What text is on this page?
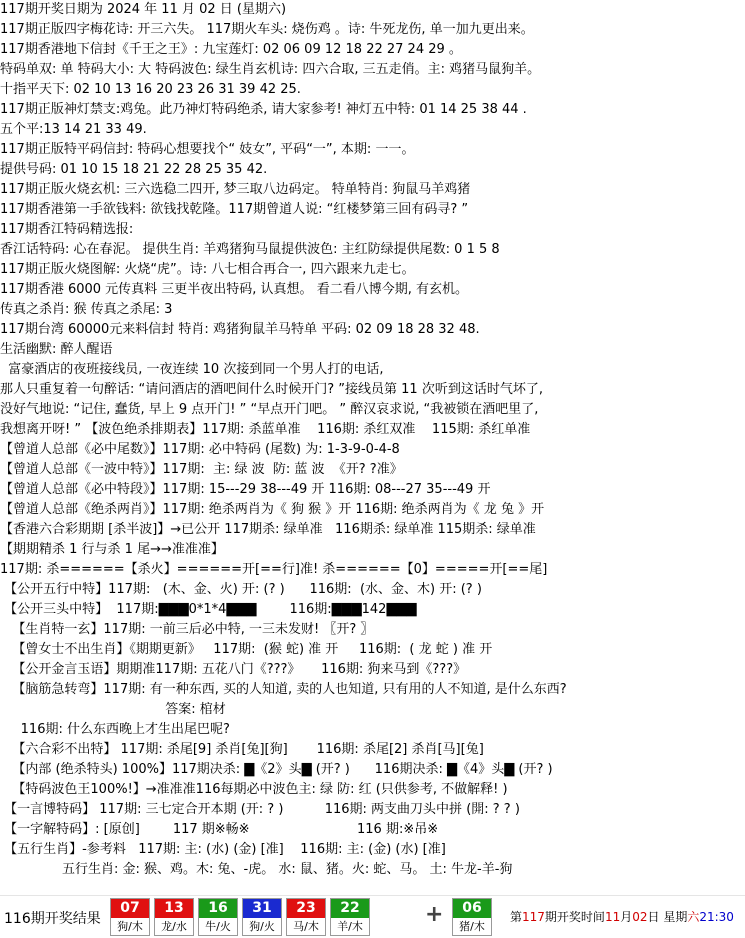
117期开奖日期为 2024 年 11 月 02 日 (星期六)
117期正版四字梅花诗: 开三六失。 117期火车头: 烧伤鸡 。诗: 牛死龙伤, 单一加九更出来。
117期香港地下信封《千王之王》: 九宝莲灯: 02 06 09 12 18 22 27 24 29 。
特码单双: 单 特码大小: 大 特码波色: 绿生肖玄机诗: 四六合取, 三五走俏。主: 鸡猪马鼠狗羊。
十指平天下: 02 10 13 16 20 23 26 31 39 42 25.
117期正版神灯禁支:鸡兔。此乃神灯特码绝杀, 请大家参考! 神灯五中特: 01 14 25 38 44 .
五个平:13 14 21 33 49.
117期正版特平码信封: 特码心想要找个“ 妓女”, 平码“一”, 本期: 一一。
提供号码: 01 10 15 18 21 22 28 25 35 42.
117期正版火烧玄机: 三六选稳二四开, 梦三取八边码定。 特单特肖: 狗鼠马羊鸡猪
117期香港第一手欲钱料: 欲钱找乾隆。117期曾道人说: “红楼梦第三回有码寻? ”
117期香江特码精选报:
香江话特码: 心在春泥。 提供生肖: 羊鸡猪狗马鼠提供波色: 主红防绿提供尾数: 0 1 5 8
117期正版火烧图解: 火烧“虎”。诗: 八七相合再合一, 四六跟来九走七。
117期香港 6000 元传真料 三更半夜出特码, 认真想。 看二看八博今期, 有玄机。
传真之杀肖: 猴 传真之杀尾: 3
117期台湾 60000元来料信封 特肖: 鸡猪狗鼠羊马特单 平码: 02 09 18 28 32 48.
生活幽默: 醉人醒语
富豪酒店的夜班接线员, 一夜连续 10 次接到同一个男人打的电话,
那人只重复着一句醉话: “请问酒店的酒吧间什么时候开门? ”接线员第 11 次听到这话时气坏了,
没好气地说: “记住, 蠢货, 早上 9 点开门! ” “早点开门吧。 ” 醉汉哀求说, “我被锁在酒吧里了,
我想离开呀! ” 【波色绝杀排期表】117期: 杀蓝单准    116期: 杀红双准    115期: 杀红单准
【曾道人总部《必中尾数》】117期: 必中特码 (尾数) 为: 1-3-9-0-4-8
【曾道人总部《一波中特》】117期:  主: 绿 波  防: 蓝 波  《开? ?准》
【曾道人总部《必中特段》】117期: 15---29 38---49 开 116期: 08---27 35---49 开
【曾道人总部《绝杀两肖》】117期: 绝杀两肖为《 狗 猴 》开 116期: 绝杀两肖为《 龙 兔 》开
【香港六合彩期期 [杀半波]】→已公开 117期杀: 绿单准   116期杀: 绿单准 115期杀: 绿单准
【期期精杀 1 行与杀 1 尾→→准准准】
117期: 杀======【杀火】======开[==行]准! 杀======【0】=====开[==尾]
【公开五行中特】117期:   (木、金、火) 开: (? )      116期:  (水、金、木) 开: (? )
【公开三头中特】  117期:▇▇▇0*1*4▇▇▇        116期:▇▇▇142▇▇▇
【生肖特一玄】117期: 一前三后必中特, 一三未发财! 〖开? 〗
【曾女士不出生肖】《期期更新》   117期:  (猴 蛇) 准 开     116期:  ( 龙 蛇 ) 准 开
【公开金言玉语】期期准117期: 五花八门《???》     116期: 狗来马到《???》
【脑筋急转弯】117期: 有一种东西, 买的人知道, 卖的人也知道, 只有用的人不知道, 是什么东西?
答案: 棺材
116期: 什么东西晚上才生出尾巴呢?
【六合彩不出特】 117期: 杀尾[9] 杀肖[兔][狗]       116期: 杀尾[2] 杀肖[马][兔]
【内部 (绝杀特头) 100%】117期决杀: ▇《2》头▇ (开? )      116期决杀: ▇《4》头▇ (开? )
【特码波色王100%!】→准准准116每期必中波色主: 绿 防: 红 (只供参考, 不做解释! )
【一言博特码】 117期: 三七定合开本期 (开: ? )          116期: 两支曲刀头中拼 (開: ? ? )
【一字解特码】: [原创]        117 期※畅※                          116 期:※吊※
【五行生肖】-参考料   117期: 主: (水) (金) [准]    116期: 主: (金) (水) [准]
五行生肖: 金: 猴、鸡。木: 兔、-虎。 水: 鼠、猪。火: 蛇、马。 土: 牛龙-羊-狗
116期开奖结果
07
狗/木
13
龙/水
16
牛/火
31
狗/火
23
马/木
22
羊/木	+	06
猪/木
第117期开奖时间11月02日 星期六21:30
